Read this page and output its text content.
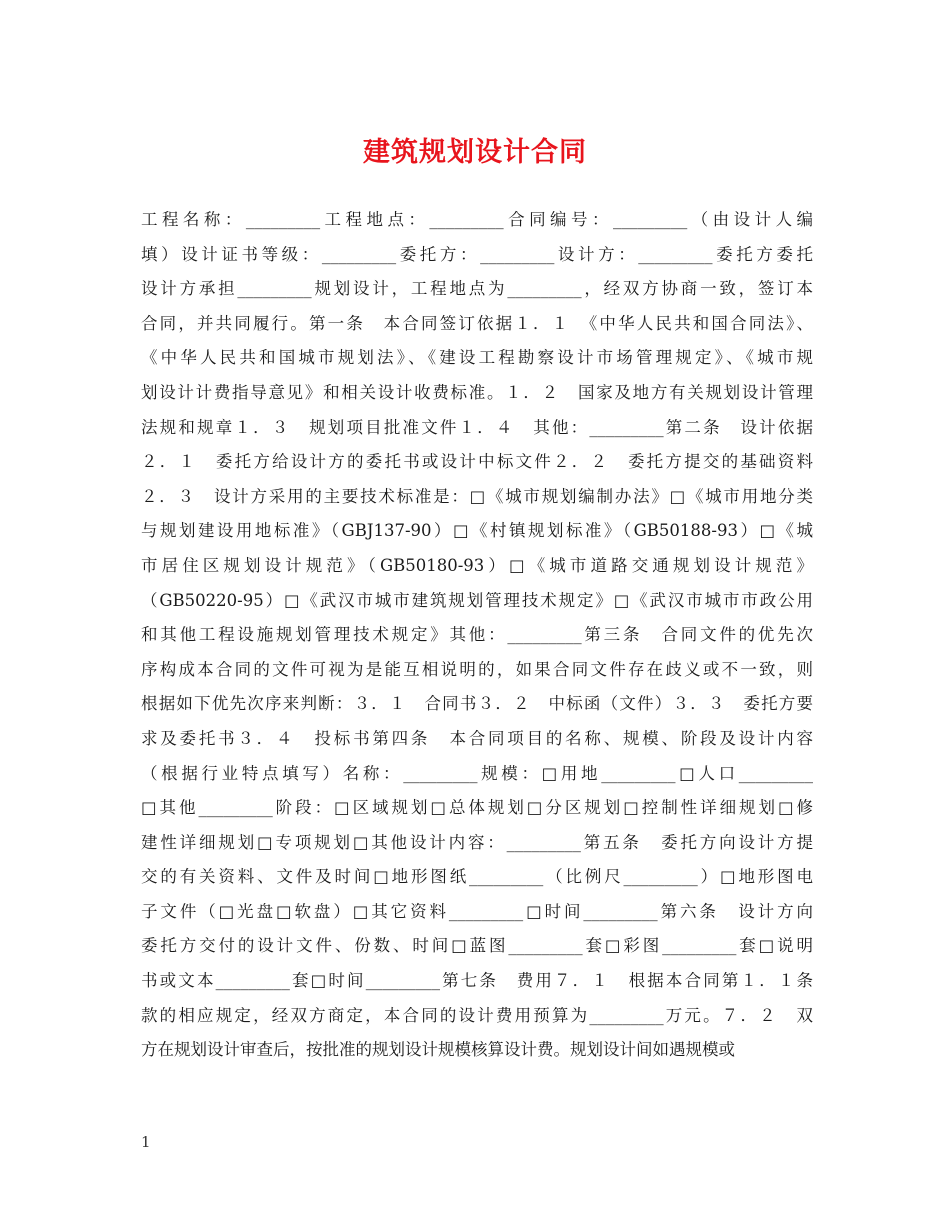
建筑规划设计合同
工程名称：_________工程地点：_________合同编号：_________（由设计人编
填）设计证书等级：_________委托方：_________设计方：_________委托方委托
设计方承担_________规划设计，工程地点为_________，经双方协商一致，签订本
合同，并共同履行。第一条　本合同签订依据１．１　《中华人民共和国合同法》、
《中华人民共和国城市规划法》、《建设工程勘察设计市场管理规定》、《城市规
划设计计费指导意见》和相关设计收费标准。１．２　国家及地方有关规划设计管理
法规和规章１．３　规划项目批准文件１．４　其他：_________第二条　设计依据
２．１　委托方给设计方的委托书或设计中标文件２．２　委托方提交的基础资料
２．３　设计方采用的主要技术标准是：□《城市规划编制办法》□《城市用地分类
与规划建设用地标准》（GBJ137-90）□《村镇规划标准》（GB50188-93）□《城
市居住区规划设计规范》（GB50180-93）□《城市道路交通规划设计规范》
（GB50220-95）□《武汉市城市建筑规划管理技术规定》□《武汉市城市市政公用
和其他工程设施规划管理技术规定》其他：_________第三条　合同文件的优先次
序构成本合同的文件可视为是能互相说明的，如果合同文件存在歧义或不一致，则
根据如下优先次序来判断：３．１　合同书３．２　中标函（文件）３．３　委托方要
求及委托书３．４　投标书第四条　本合同项目的名称、规模、阶段及设计内容
（根据行业特点填写）名称：_________规模：□用地_________□人口_________
□其他_________阶段：□区域规划□总体规划□分区规划□控制性详细规划□修
建性详细规划□专项规划□其他设计内容：_________第五条　委托方向设计方提
交的有关资料、文件及时间□地形图纸_________（比例尺_________）□地形图电
子文件（□光盘□软盘）□其它资料_________□时间_________第六条　设计方向
委托方交付的设计文件、份数、时间□蓝图_________套□彩图_________套□说明
书或文本_________套□时间_________第七条　费用７．１　根据本合同第１．１条
款的相应规定，经双方商定，本合同的设计费用预算为_________万元。７．２　双
方在规划设计审查后，按批准的规划设计规模核算设计费。规划设计间如遇规模或
1
